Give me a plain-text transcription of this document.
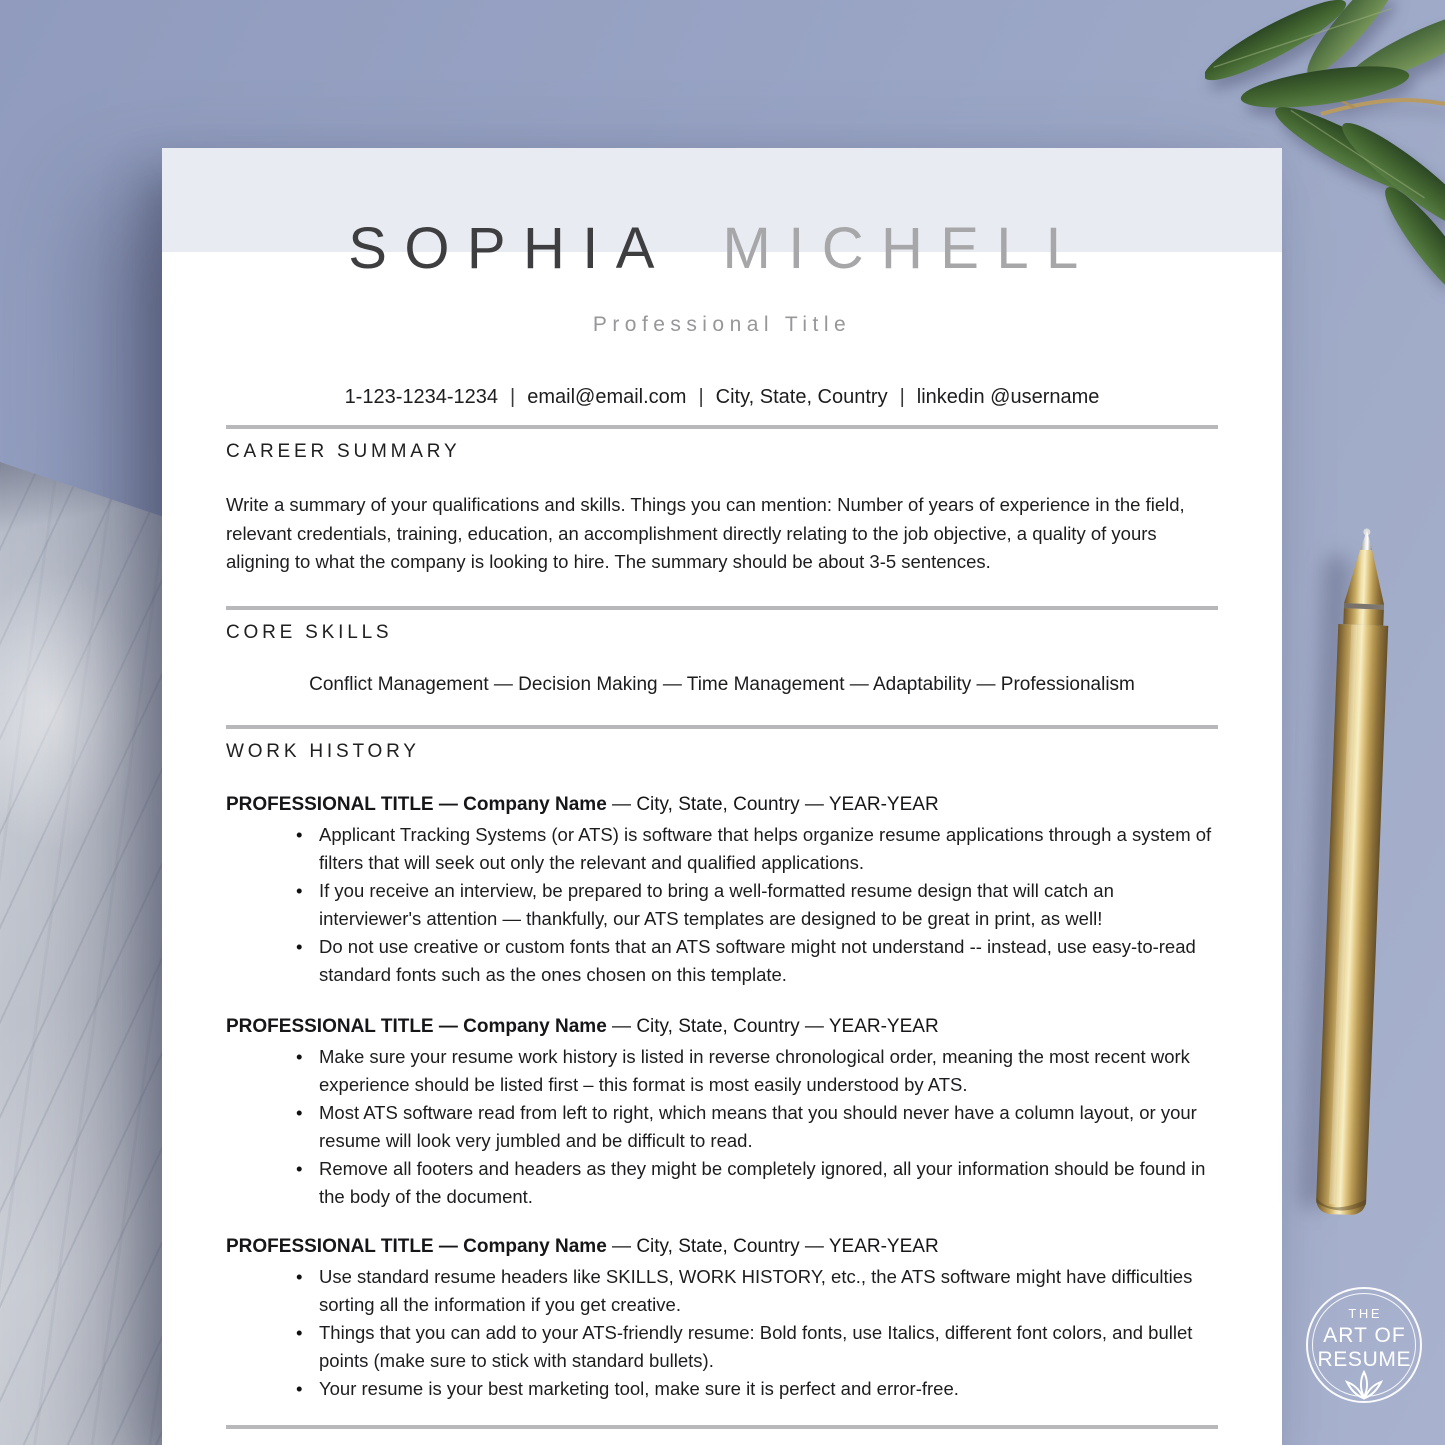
SOPHIA MICHELL
Professional Title
1-123-1234-1234 | email@email.com | City, State, Country | linkedin @username
CAREER SUMMARY
Write a summary of your qualifications and skills. Things you can mention: Number of years of experience in the field, relevant credentials, training, education, an accomplishment directly relating to the job objective, a quality of yours aligning to what the company is looking to hire. The summary should be about 3-5 sentences.
CORE SKILLS
Conflict Management — Decision Making — Time Management — Adaptability — Professionalism
WORK HISTORY
PROFESSIONAL TITLE — Company Name — City, State, Country — YEAR-YEAR
• Applicant Tracking Systems (or ATS) is software that helps organize resume applications through a system of filters that will seek out only the relevant and qualified applications.
• If you receive an interview, be prepared to bring a well-formatted resume design that will catch an interviewer's attention — thankfully, our ATS templates are designed to be great in print, as well!
• Do not use creative or custom fonts that an ATS software might not understand -- instead, use easy-to-read standard fonts such as the ones chosen on this template.
PROFESSIONAL TITLE — Company Name — City, State, Country — YEAR-YEAR
• Make sure your resume work history is listed in reverse chronological order, meaning the most recent work experience should be listed first – this format is most easily understood by ATS.
• Most ATS software read from left to right, which means that you should never have a column layout, or your resume will look very jumbled and be difficult to read.
• Remove all footers and headers as they might be completely ignored, all your information should be found in the body of the document.
PROFESSIONAL TITLE — Company Name — City, State, Country — YEAR-YEAR
• Use standard resume headers like SKILLS, WORK HISTORY, etc., the ATS software might have difficulties sorting all the information if you get creative.
• Things that you can add to your ATS-friendly resume: Bold fonts, use Italics, different font colors, and bullet points (make sure to stick with standard bullets).
• Your resume is your best marketing tool, make sure it is perfect and error-free.
THE
ART OF
RESUME
